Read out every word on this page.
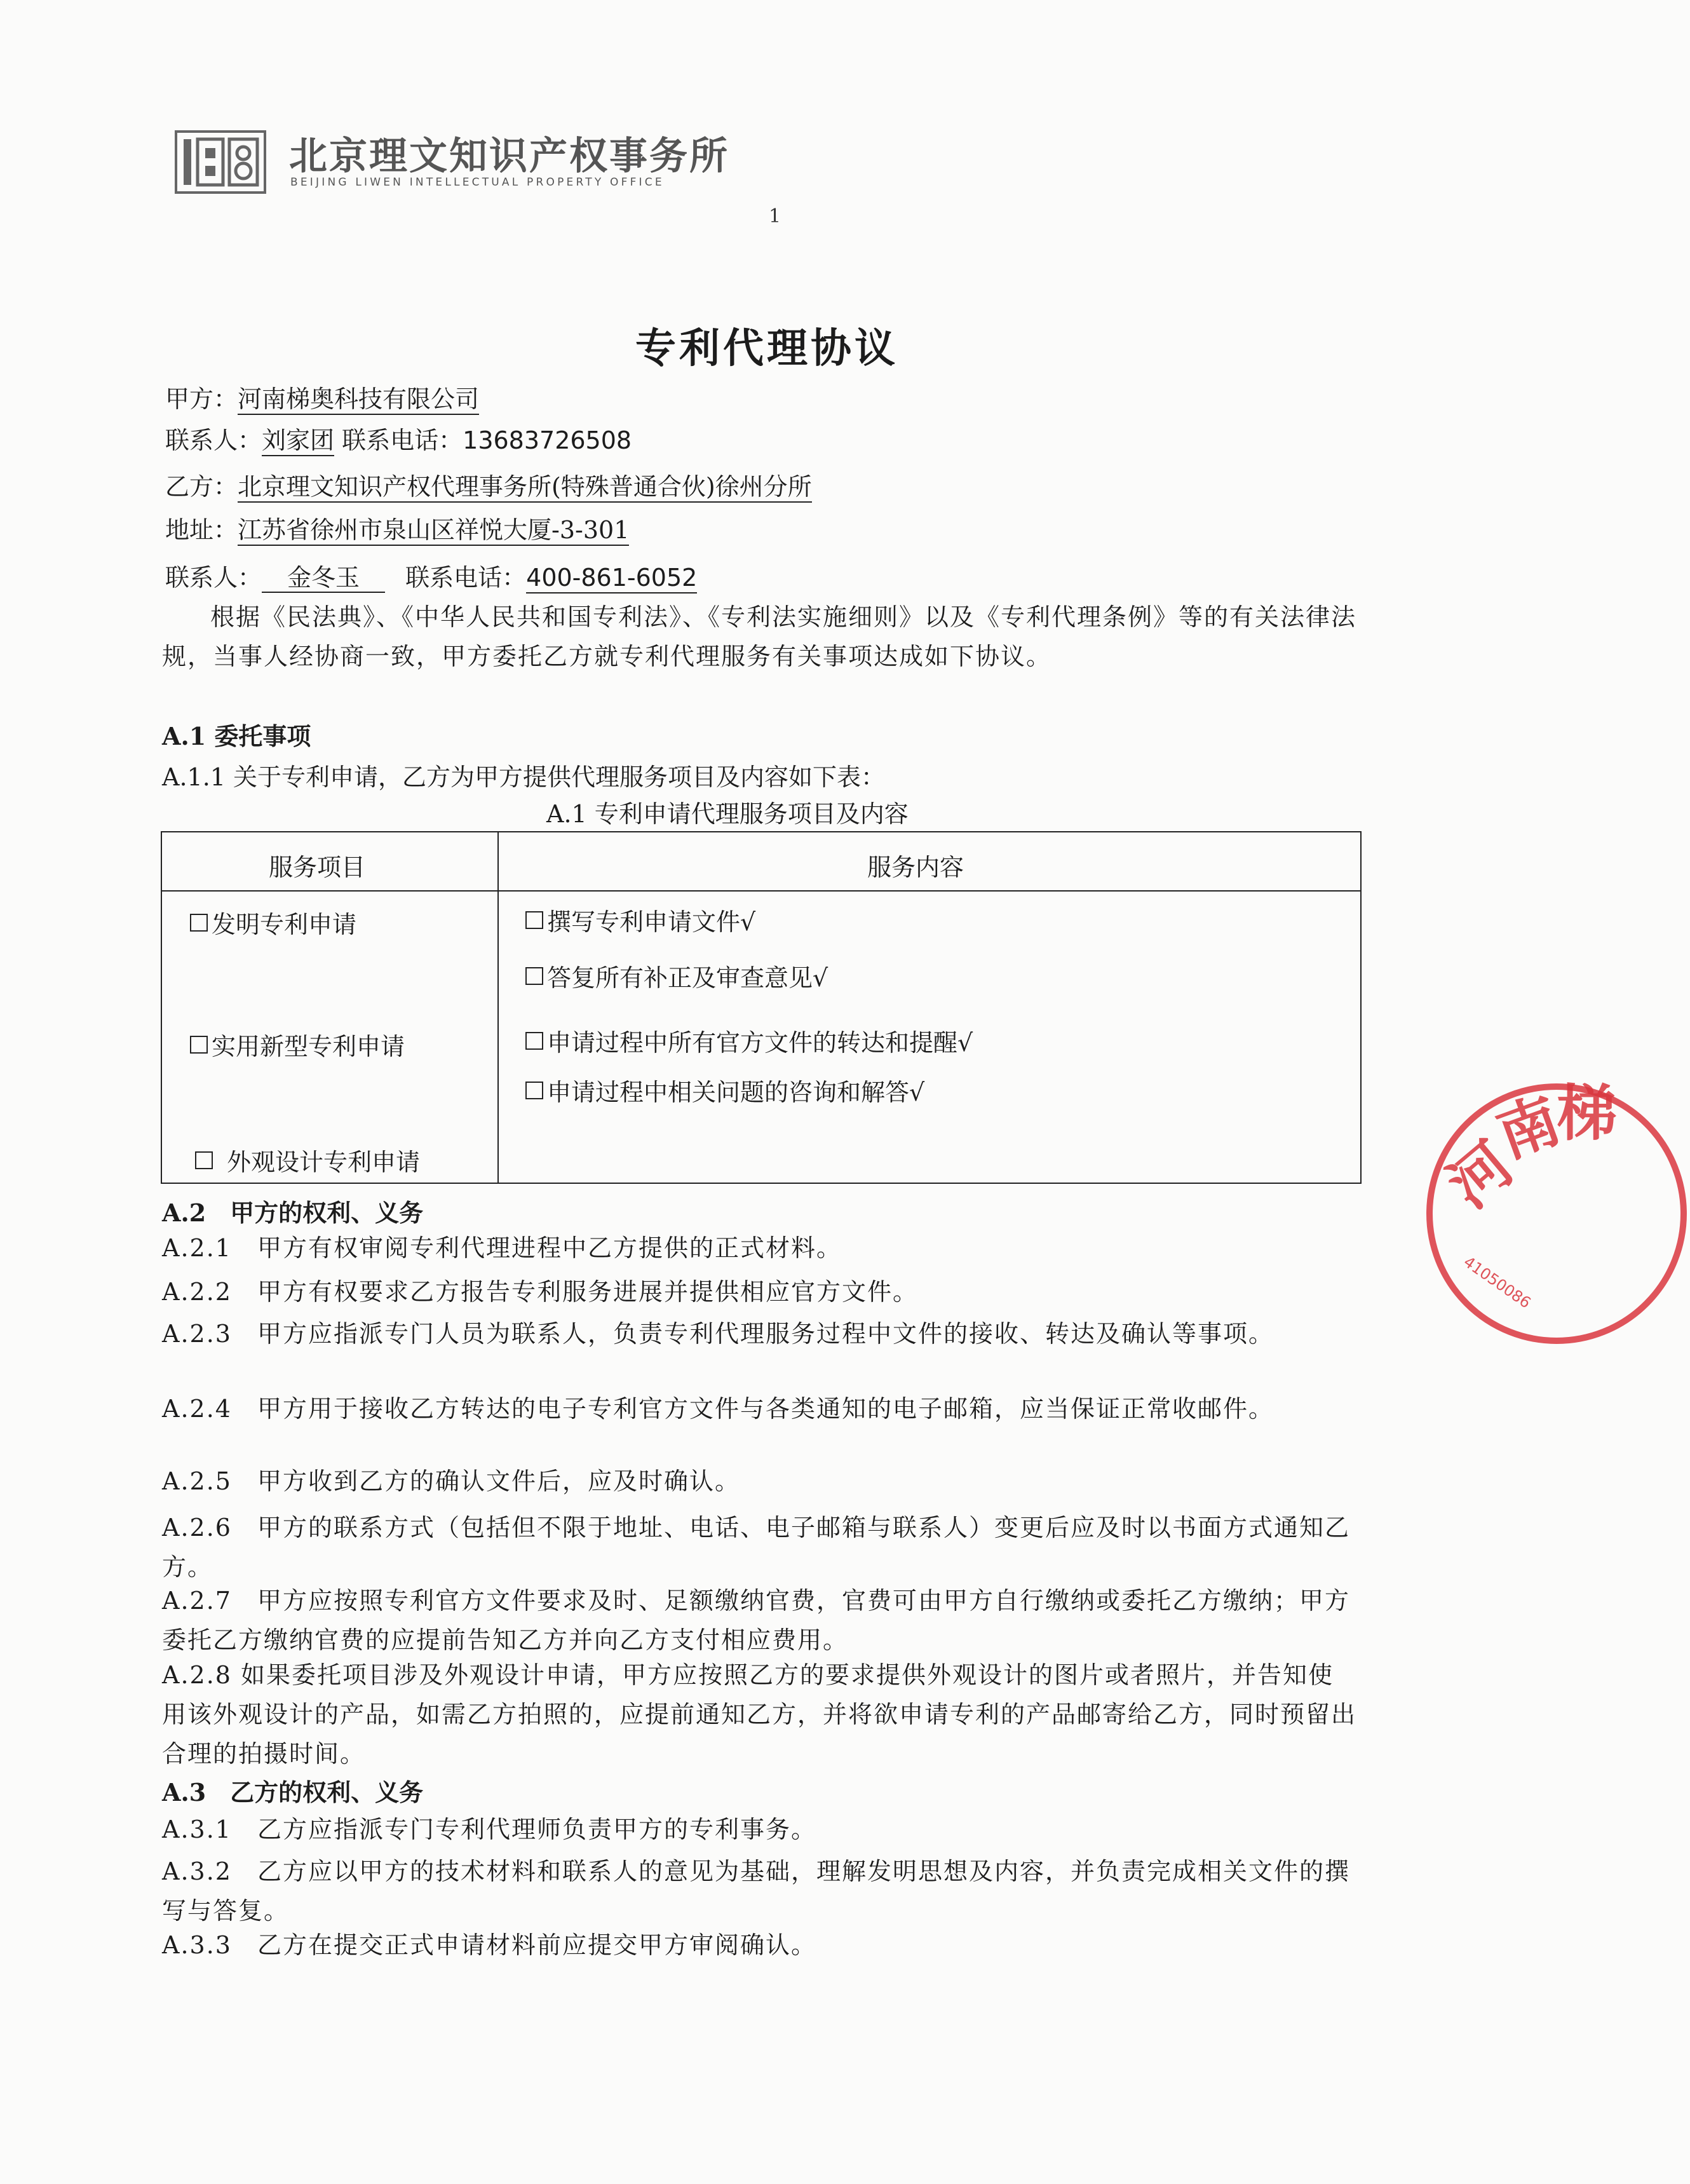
北京理文知识产权事务所
BEIJING LIWEN INTELLECTUAL PROPERTY OFFICE
1
专利代理协议
甲方：河南梯奥科技有限公司
联系人：刘家团 联系电话：13683726508
乙方：北京理文知识产权代理事务所(特殊普通合伙)徐州分所
地址：江苏省徐州市泉山区祥悦大厦-3-301
联系人： 金冬玉 联系电话：400-861-6052
根据《民法典》、《中华人民共和国专利法》、《专利法实施细则》以及《专利代理条例》等的有关法律法规，当事人经协商一致，甲方委托乙方就专利代理服务有关事项达成如下协议。
A.1 委托事项
A.1.1 关于专利申请，乙方为甲方提供代理服务项目及内容如下表：
A.1 专利申请代理服务项目及内容
服务项目	服务内容
发明专利申请
实用新型专利申请
外观设计专利申请
撰写专利申请文件√
答复所有补正及审查意见√
申请过程中所有官方文件的转达和提醒√
申请过程中相关问题的咨询和解答√
A.2　甲方的权利、义务
A.2.1　甲方有权审阅专利代理进程中乙方提供的正式材料。
A.2.2　甲方有权要求乙方报告专利服务进展并提供相应官方文件。
A.2.3　甲方应指派专门人员为联系人，负责专利代理服务过程中文件的接收、转达及确认等事项。
A.2.4　甲方用于接收乙方转达的电子专利官方文件与各类通知的电子邮箱，应当保证正常收邮件。
A.2.5　甲方收到乙方的确认文件后，应及时确认。
A.2.6　甲方的联系方式（包括但不限于地址、电话、电子邮箱与联系人）变更后应及时以书面方式通知乙方。
A.2.7　甲方应按照专利官方文件要求及时、足额缴纳官费，官费可由甲方自行缴纳或委托乙方缴纳；甲方委托乙方缴纳官费的应提前告知乙方并向乙方支付相应费用。
A.2.8 如果委托项目涉及外观设计申请，甲方应按照乙方的要求提供外观设计的图片或者照片，并告知使用该外观设计的产品，如需乙方拍照的，应提前通知乙方，并将欲申请专利的产品邮寄给乙方，同时预留出合理的拍摄时间。
A.3　乙方的权利、义务
A.3.1　乙方应指派专门专利代理师负责甲方的专利事务。
A.3.2　乙方应以甲方的技术材料和联系人的意见为基础，理解发明思想及内容，并负责完成相关文件的撰写与答复。
A.3.3　乙方在提交正式申请材料前应提交甲方审阅确认。
河
南
梯
41050086
